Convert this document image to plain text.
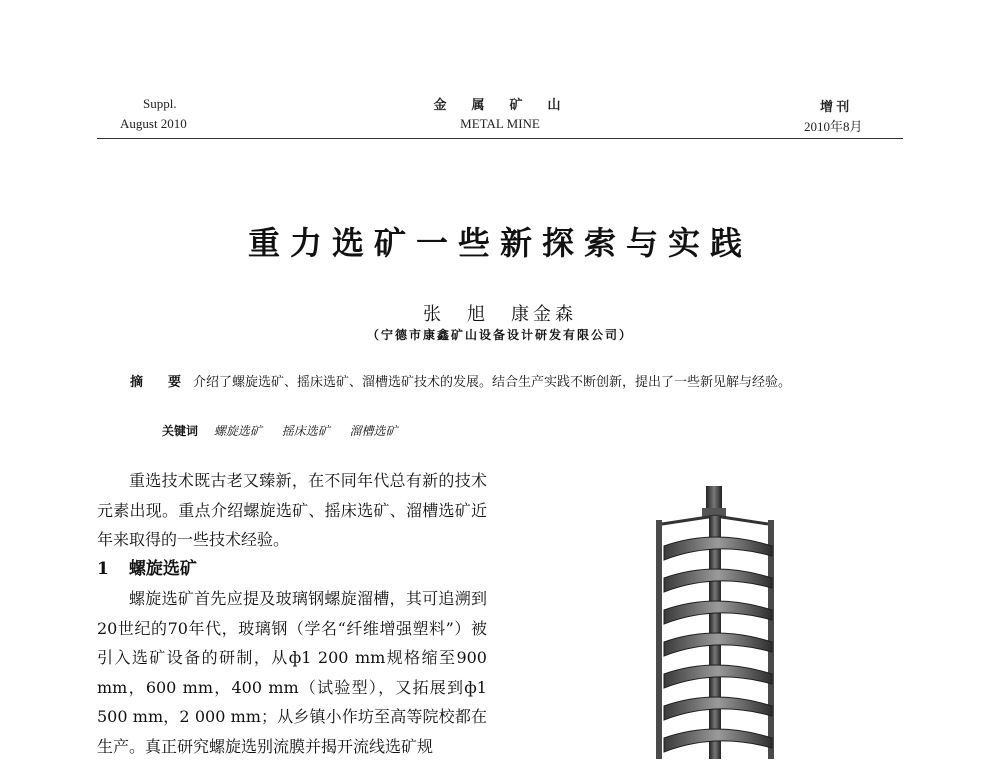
Suppl.
August 2010
金　属　矿　山
METAL MINE
增 刊
2010年8月
重力选矿一些新探索与实践
张　旭　康金森
（宁德市康鑫矿山设备设计研发有限公司）
摘　要 介绍了螺旋选矿、摇床选矿、溜槽选矿技术的发展。结合生产实践不断创新，提出了一些新见解与经验。
关键词 螺旋选矿 摇床选矿 溜槽选矿

重选技术既古老又臻新，在不同年代总有新的技术元素出现。重点介绍螺旋选矿、摇床选矿、溜槽选矿近年来取得的一些技术经验。

1 螺旋选矿

螺旋选矿首先应提及玻璃钢螺旋溜槽，其可追溯到20世纪的70年代，玻璃钢（学名“纤维增强塑料”）被引入选矿设备的研制，从ф1 200 mm规格缩至900 mm，600 mm，400 mm（试验型），又拓展到ф1 500 mm，2 000 mm；从乡镇小作坊至高等院校都在生产。真正研究螺旋选别流膜并揭开流线选矿规
